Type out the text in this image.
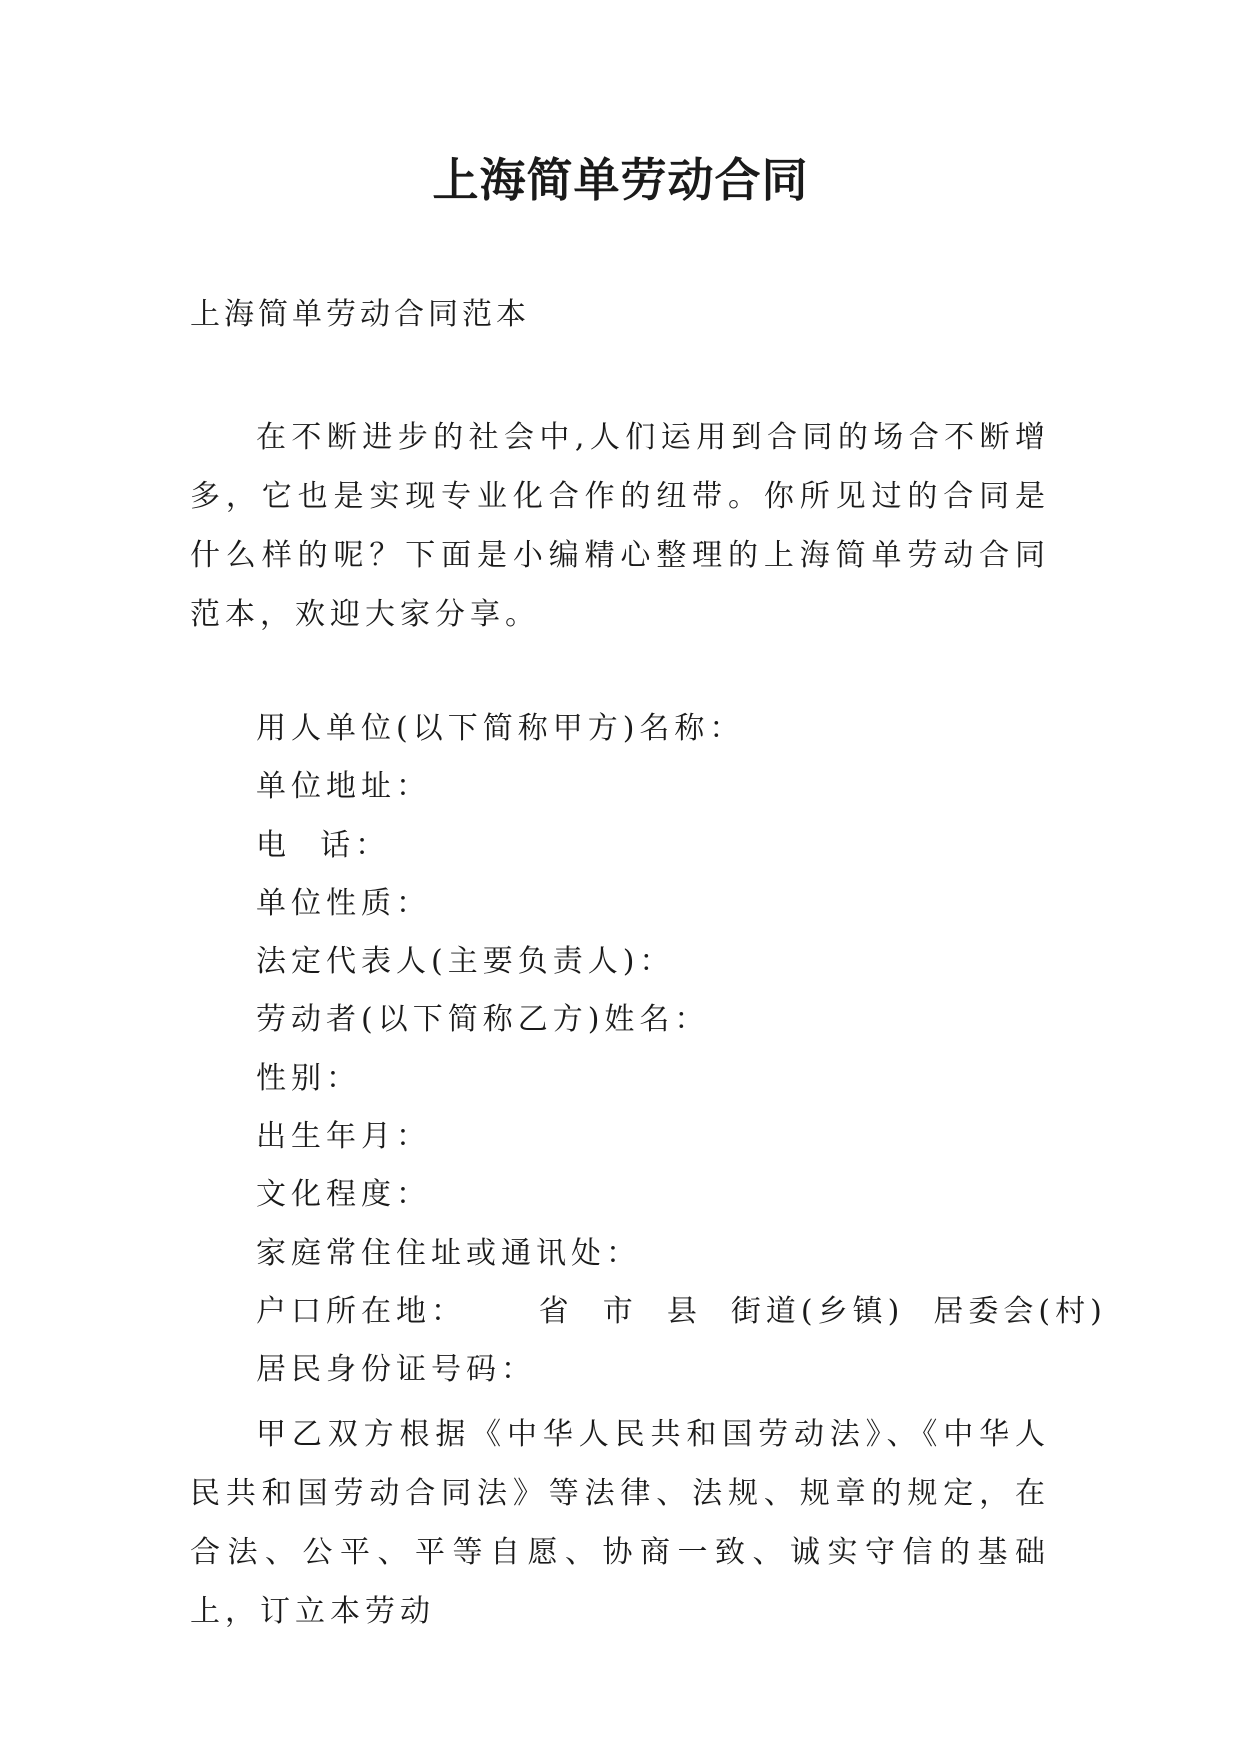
上海简单劳动合同
上海简单劳动合同范本
在不断进步的社会中,人们运用到合同的场合不断增多，它也是实现专业化合作的纽带。你所见过的合同是什么样的呢？下面是小编精心整理的上海简单劳动合同范本，欢迎大家分享。
用人单位(以下简称甲方)名称：
单位地址：
电  话：
单位性质：
法定代表人(主要负责人)：
劳动者(以下简称乙方)姓名：
性别：
出生年月：
文化程度：
家庭常住住址或通讯处：
户口所在地：     省  市  县  街道(乡镇)  居委会(村)
居民身份证号码：
甲乙双方根据《中华人民共和国劳动法》、《中华人民共和国劳动合同法》等法律、法规、规章的规定，在合法、公平、平等自愿、协商一致、诚实守信的基础上，订立本劳动
